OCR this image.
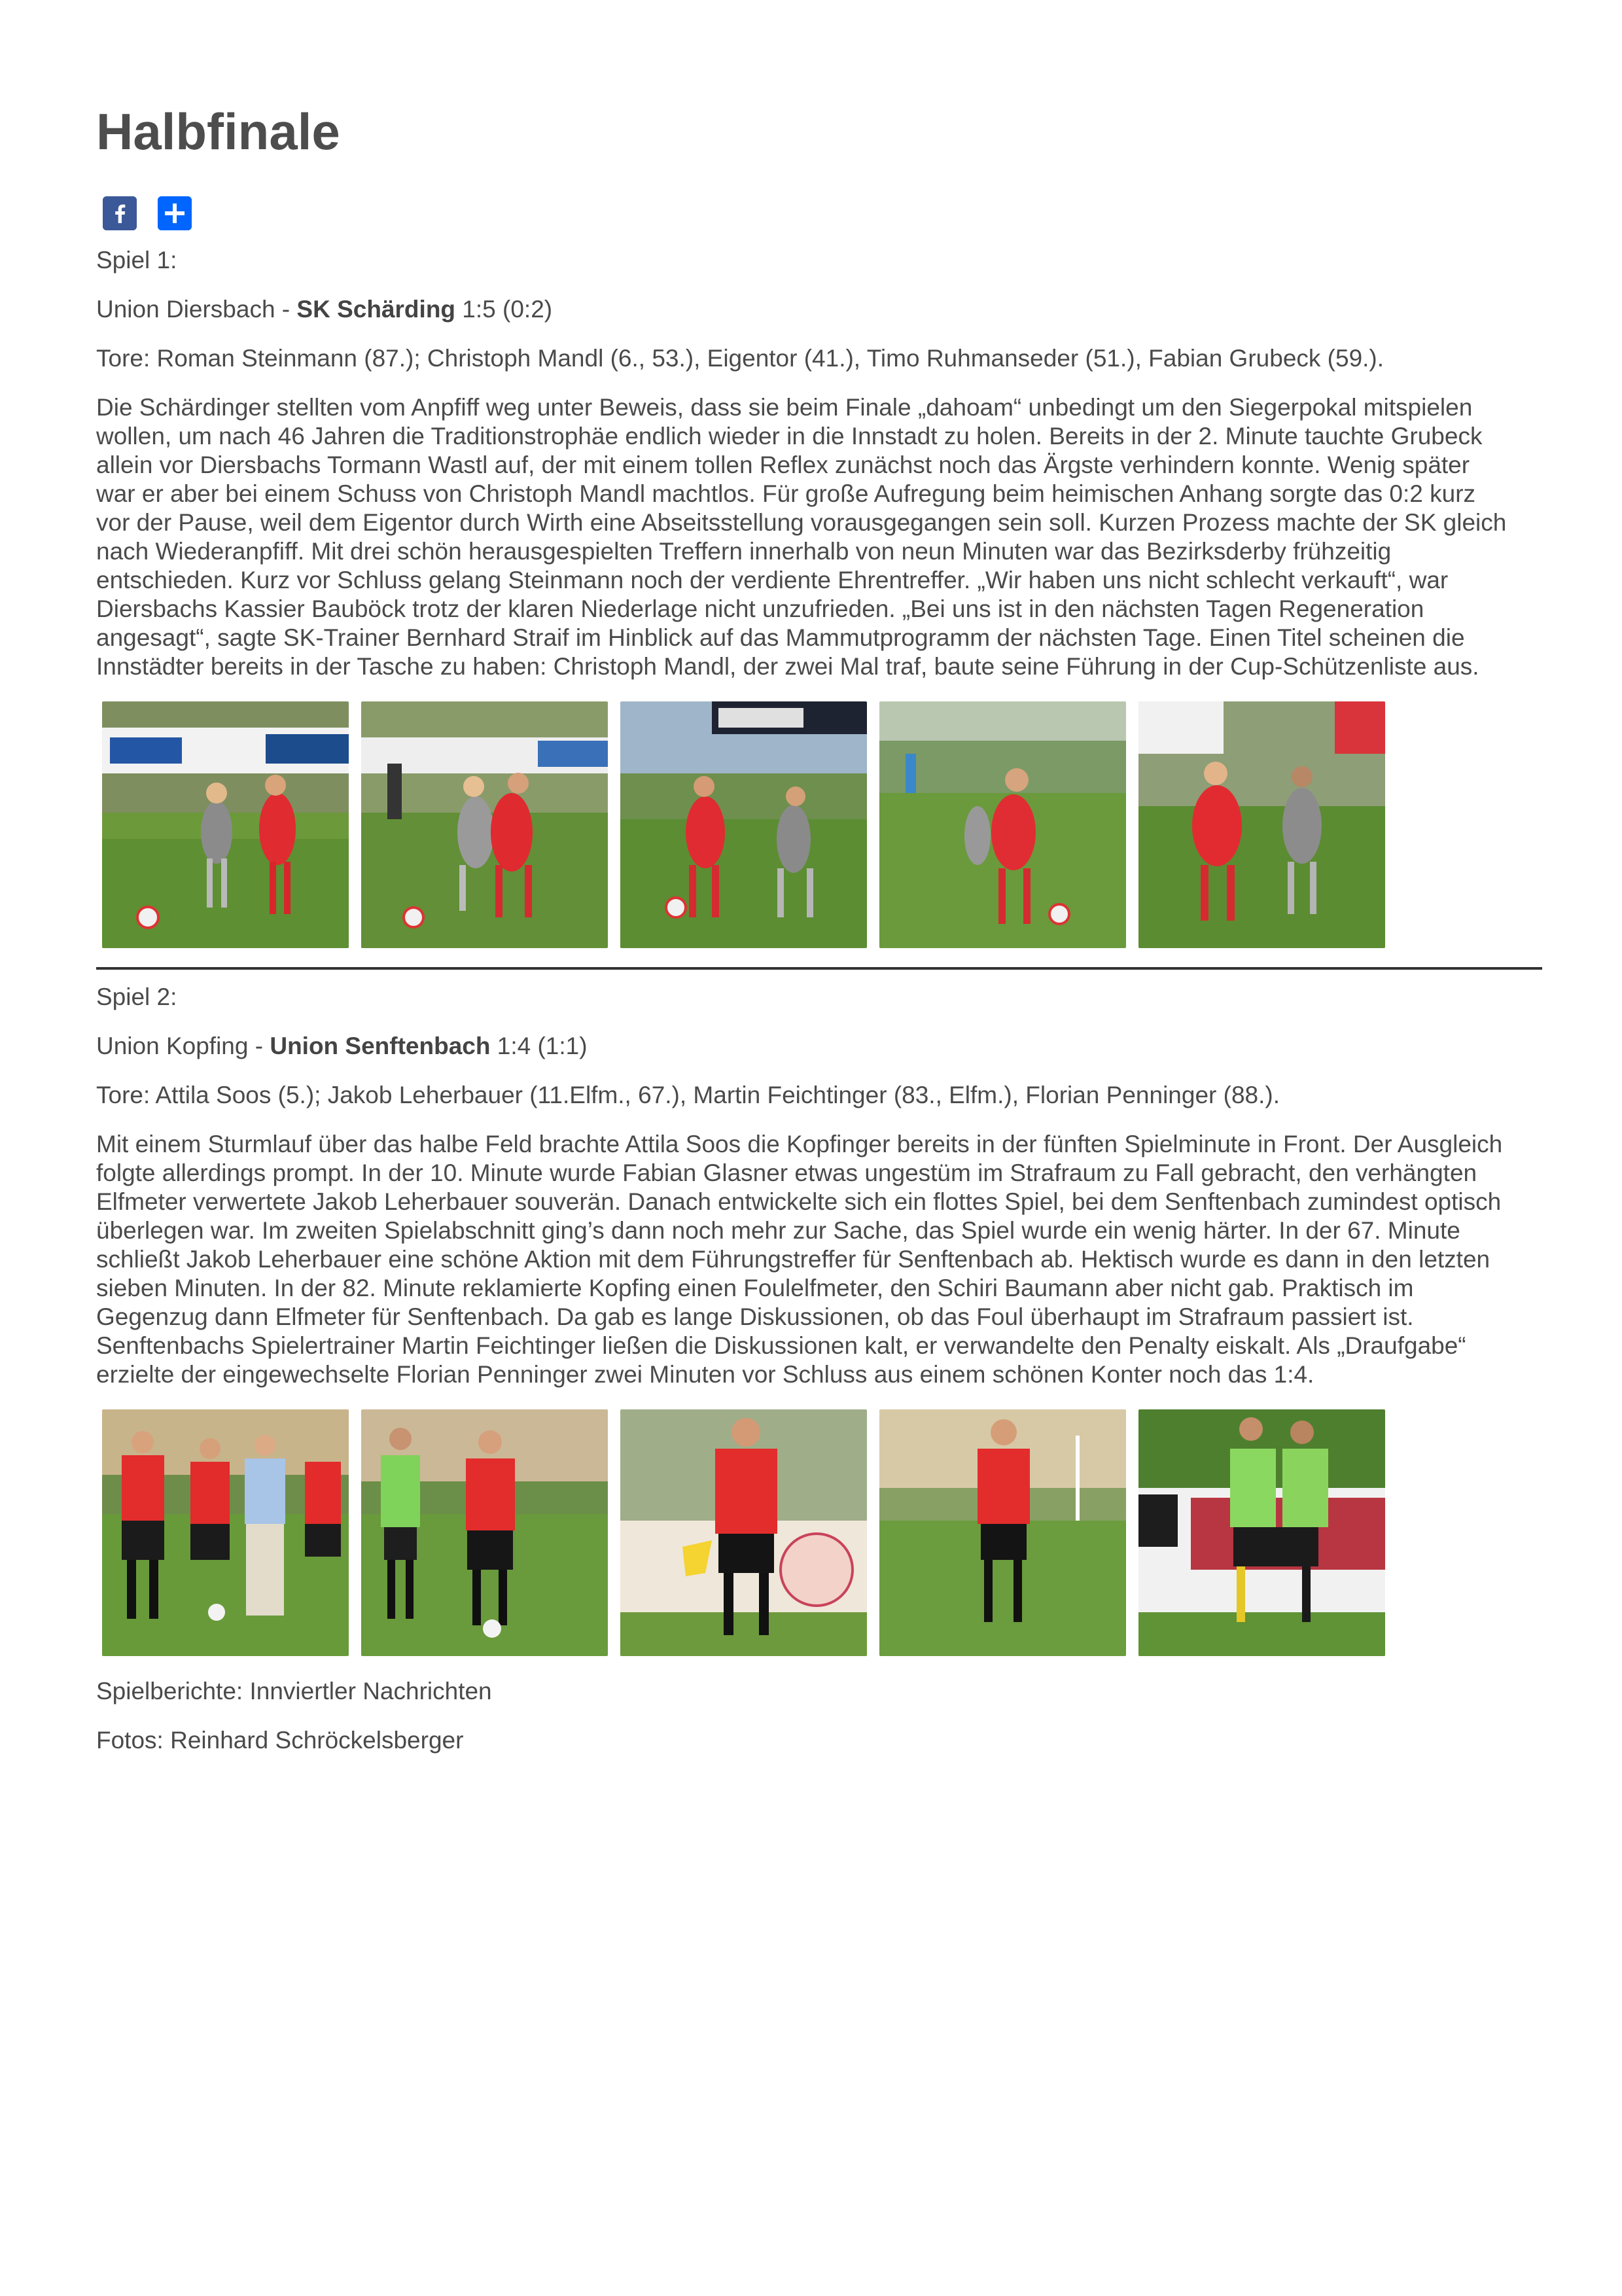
Halbfinale

Spiel 1:

Union Diersbach - SK Schärding 1:5 (0:2)

Tore: Roman Steinmann (87.); Christoph Mandl (6., 53.), Eigentor (41.), Timo Ruhmanseder (51.), Fabian Grubeck (59.).

Die Schärdinger stellten vom Anpfiff weg unter Beweis, dass sie beim Finale „dahoam“ unbedingt um den Siegerpokal mitspielen
wollen, um nach 46 Jahren die Traditionstrophäe endlich wieder in die Innstadt zu holen. Bereits in der 2. Minute tauchte Grubeck
allein vor Diersbachs Tormann Wastl auf, der mit einem tollen Reflex zunächst noch das Ärgste verhindern konnte. Wenig später
war er aber bei einem Schuss von Christoph Mandl machtlos. Für große Aufregung beim heimischen Anhang sorgte das 0:2 kurz
vor der Pause, weil dem Eigentor durch Wirth eine Abseitsstellung vorausgegangen sein soll. Kurzen Prozess machte der SK gleich
nach Wiederanpfiff. Mit drei schön herausgespielten Treffern innerhalb von neun Minuten war das Bezirksderby frühzeitig
entschieden. Kurz vor Schluss gelang Steinmann noch der verdiente Ehrentreffer. „Wir haben uns nicht schlecht verkauft“, war
Diersbachs Kassier Bauböck trotz der klaren Niederlage nicht unzufrieden. „Bei uns ist in den nächsten Tagen Regeneration
angesagt“, sagte SK-Trainer Bernhard Straif im Hinblick auf das Mammutprogramm der nächsten Tage. Einen Titel scheinen die
Innstädter bereits in der Tasche zu haben: Christoph Mandl, der zwei Mal traf, baute seine Führung in der Cup-Schützenliste aus.

Spiel 2:

Union Kopfing - Union Senftenbach 1:4 (1:1)

Tore: Attila Soos (5.); Jakob Leherbauer (11.Elfm., 67.), Martin Feichtinger (83., Elfm.), Florian Penninger (88.).

Mit einem Sturmlauf über das halbe Feld brachte Attila Soos die Kopfinger bereits in der fünften Spielminute in Front. Der Ausgleich
folgte allerdings prompt. In der 10. Minute wurde Fabian Glasner etwas ungestüm im Strafraum zu Fall gebracht, den verhängten
Elfmeter verwertete Jakob Leherbauer souverän. Danach entwickelte sich ein flottes Spiel, bei dem Senftenbach zumindest optisch
überlegen war. Im zweiten Spielabschnitt ging’s dann noch mehr zur Sache, das Spiel wurde ein wenig härter. In der 67. Minute
schließt Jakob Leherbauer eine schöne Aktion mit dem Führungstreffer für Senftenbach ab. Hektisch wurde es dann in den letzten
sieben Minuten. In der 82. Minute reklamierte Kopfing einen Foulelfmeter, den Schiri Baumann aber nicht gab. Praktisch im
Gegenzug dann Elfmeter für Senftenbach. Da gab es lange Diskussionen, ob das Foul überhaupt im Strafraum passiert ist.
Senftenbachs Spielertrainer Martin Feichtinger ließen die Diskussionen kalt, er verwandelte den Penalty eiskalt. Als „Draufgabe“
erzielte der eingewechselte Florian Penninger zwei Minuten vor Schluss aus einem schönen Konter noch das 1:4.

Spielberichte: Innviertler Nachrichten

Fotos: Reinhard Schröckelsberger
